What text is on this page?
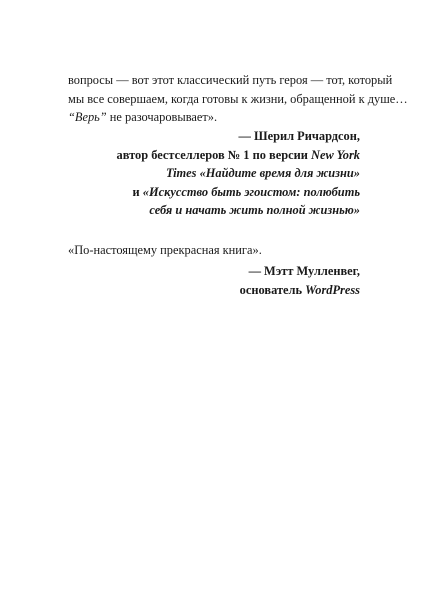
вопросы — вот этот классический путь героя — тот, который
мы все совершаем, когда готовы к жизни, обращенной к душе…
“Верь” не разочаровывает».

— Шерил Ричардсон,
автор бестселлеров № 1 по версии New York
Times «Найдите время для жизни»
и «Искусство быть эгоистом: полюбить
себя и начать жить полной жизнью»

«По-настоящему прекрасная книга».

— Мэтт Мулленвег,
основатель WordPress
